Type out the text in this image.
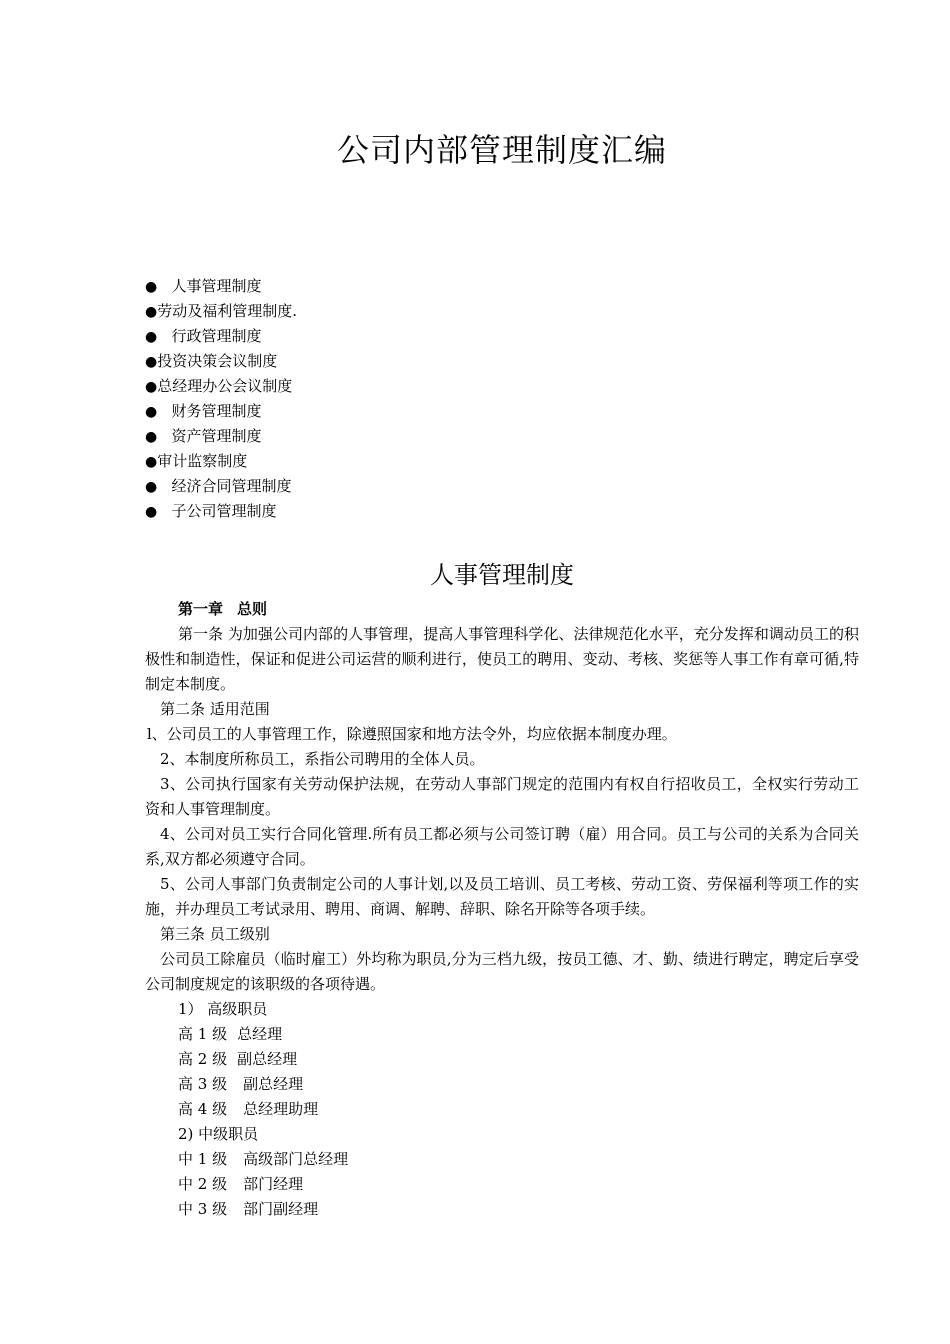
公司内部管理制度汇编
● 人事管理制度
●劳动及福利管理制度.
● 行政管理制度
●投资决策会议制度
●总经理办公会议制度
● 财务管理制度
● 资产管理制度
●审计监察制度
● 经济合同管理制度
● 子公司管理制度
人事管理制度
第一章 总则
第一条 为加强公司内部的人事管理，提高人事管理科学化、法律规范化水平，充分发挥和调动员工的积极性和制造性，保证和促进公司运营的顺利进行，使员工的聘用、变动、考核、奖惩等人事工作有章可循,特制定本制度。
第二条 适用范围
l、公司员工的人事管理工作，除遵照国家和地方法令外，均应依据本制度办理。
2、本制度所称员工，系指公司聘用的全体人员。
3、公司执行国家有关劳动保护法规，在劳动人事部门规定的范围内有权自行招收员工，全权实行劳动工资和人事管理制度。
4、公司对员工实行合同化管理.所有员工都必须与公司签订聘（雇）用合同。员工与公司的关系为合同关系,双方都必须遵守合同。
5、公司人事部门负责制定公司的人事计划,以及员工培训、员工考核、劳动工资、劳保福利等项工作的实施，并办理员工考试录用、聘用、商调、解聘、辞职、除名开除等各项手续。
第三条 员工级别
公司员工除雇员（临时雇工）外均称为职员,分为三档九级，按员工德、才、勤、绩进行聘定，聘定后享受公司制度规定的该职级的各项待遇。
1） 高级职员
高 1 级 总经理
高 2 级 副总经理
高 3 级 副总经理
高 4 级 总经理助理
2) 中级职员
中 1 级 高级部门总经理
中 2 级 部门经理
中 3 级 部门副经理
